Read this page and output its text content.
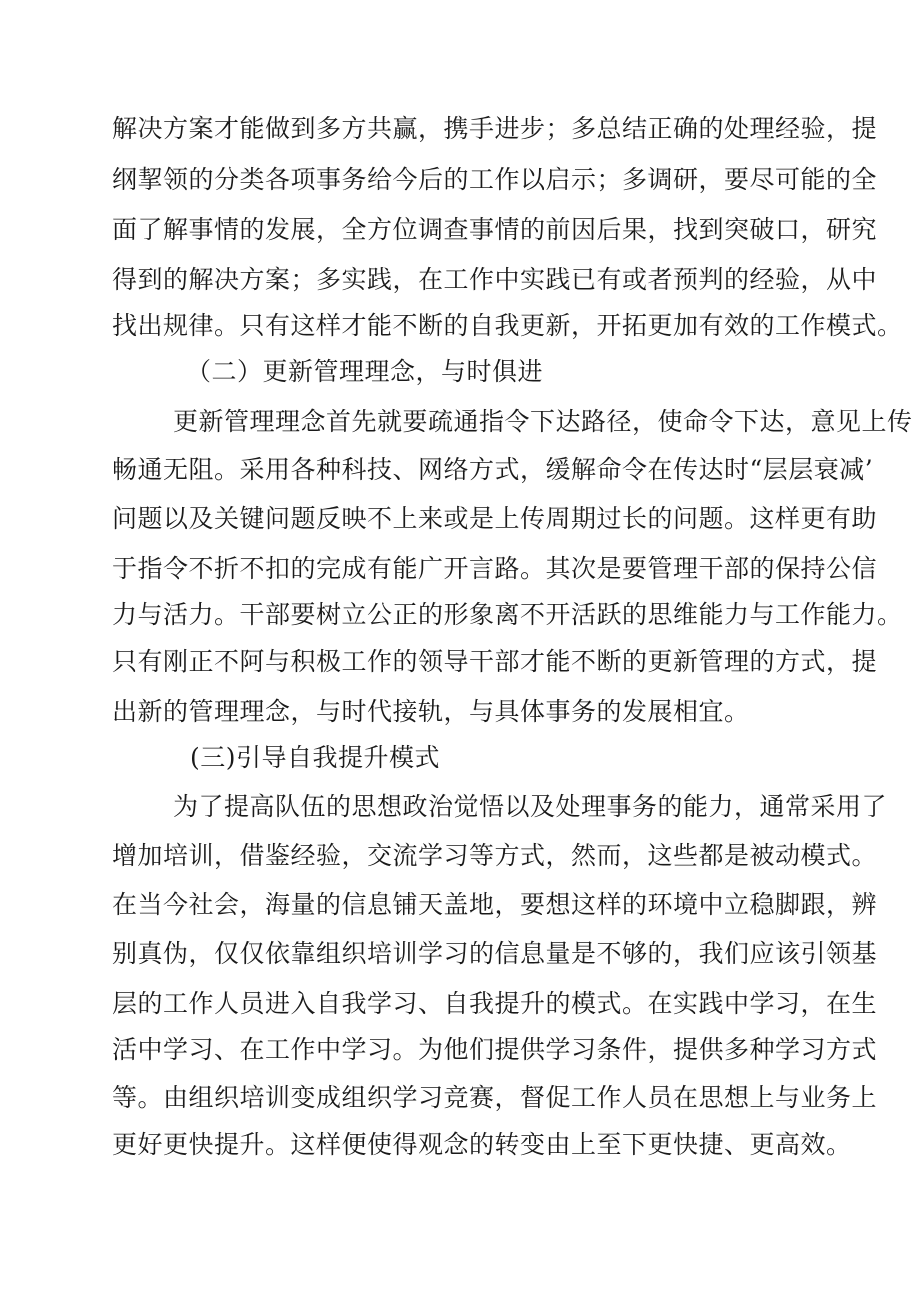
解决方案才能做到多方共赢，携手进步；多总结正确的处理经验，提
纲挈领的分类各项事务给今后的工作以启示；多调研，要尽可能的全
面了解事情的发展，全方位调查事情的前因后果，找到突破口，研究
得到的解决方案；多实践，在工作中实践已有或者预判的经验，从中
找出规律。只有这样才能不断的自我更新，开拓更加有效的工作模式。
（二）更新管理理念，与时俱进
更新管理理念首先就要疏通指令下达路径，使命令下达，意见上传
畅通无阻。采用各种科技、网络方式，缓解命令在传达时“层层衰减’
问题以及关键问题反映不上来或是上传周期过长的问题。这样更有助
于指令不折不扣的完成有能广开言路。其次是要管理干部的保持公信
力与活力。干部要树立公正的形象离不开活跃的思维能力与工作能力。
只有刚正不阿与积极工作的领导干部才能不断的更新管理的方式，提
出新的管理理念，与时代接轨，与具体事务的发展相宜。
(三)引导自我提升模式
为了提高队伍的思想政治觉悟以及处理事务的能力，通常采用了
增加培训，借鉴经验，交流学习等方式，然而，这些都是被动模式。
在当今社会，海量的信息铺天盖地，要想这样的环境中立稳脚跟，辨
别真伪，仅仅依靠组织培训学习的信息量是不够的，我们应该引领基
层的工作人员进入自我学习、自我提升的模式。在实践中学习，在生
活中学习、在工作中学习。为他们提供学习条件，提供多种学习方式
等。由组织培训变成组织学习竞赛，督促工作人员在思想上与业务上
更好更快提升。这样便使得观念的转变由上至下更快捷、更高效。
